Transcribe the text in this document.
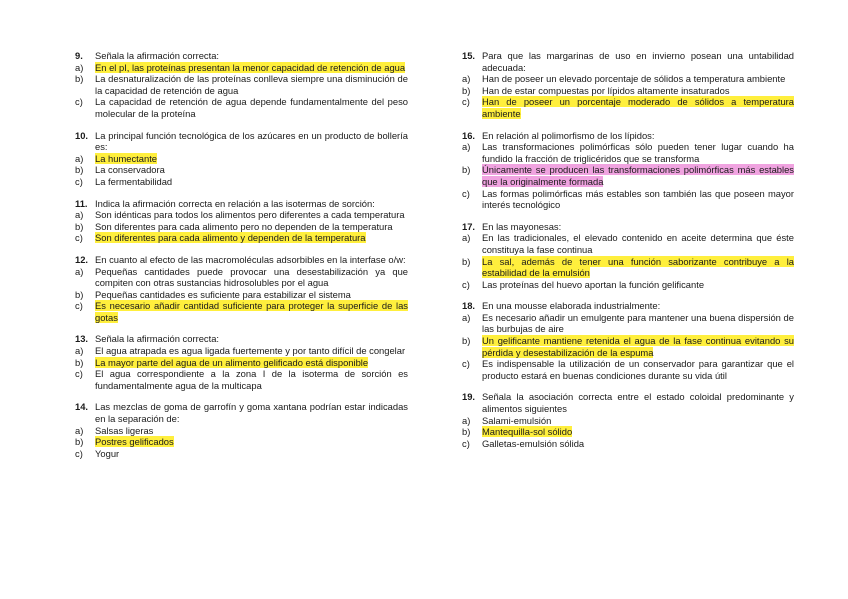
9.	Señala la afirmación correcta:
a)	En el pI, las proteínas presentan la menor capacidad de retención de agua
b)	La desnaturalización de las proteínas conlleva siempre una disminución de la capacidad de retención de agua
c)	La capacidad de retención de agua depende fundamentalmente del peso molecular de la proteína
10. La principal función tecnológica de los azúcares en un producto de bollería es:
a)	La humectante
b)	La conservadora
c)	La fermentabilidad
11. Indica la afirmación correcta en relación a las isotermas de sorción:
a)	Son idénticas para todos los alimentos pero diferentes a cada temperatura
b)	Son diferentes para cada alimento pero no dependen de la temperatura
c)	Son diferentes para cada alimento y dependen de la temperatura
12. En cuanto al efecto de las macromoléculas adsorbibles en la interfase o/w:
a)	Pequeñas cantidades puede provocar una desestabilización ya que compiten con otras sustancias hidrosolubles por el agua
b)	Pequeñas cantidades es suficiente para estabilizar el sistema
c)	Es necesario añadir cantidad suficiente para proteger la superficie de las gotas
13. Señala la afirmación correcta:
a)	El agua atrapada es agua ligada fuertemente y por tanto difícil de congelar
b)	La mayor parte del agua de un alimento gelificado está disponible
c)	El agua correspondiente a la zona I de la isoterma de sorción es fundamentalmente agua de la multicapa
14. Las mezclas de goma de garrofín y goma xantana podrían estar indicadas en la separación de:
a)	Salsas ligeras
b)	Postres gelificados
c)	Yogur
15. Para que las margarinas de uso en invierno posean una untabilidad adecuada:
a)	Han de poseer un elevado porcentaje de sólidos a temperatura ambiente
b)	Han de estar compuestas por lípidos altamente insaturados
c)	Han de poseer un porcentaje moderado de sólidos a temperatura ambiente
16. En relación al polimorfismo de los lípidos:
a)	Las transformaciones polimórficas sólo pueden tener lugar cuando ha fundido la fracción de triglicéridos que se transforma
b)	Únicamente se producen las transformaciones polimórficas más estables que la originalmente formada
c)	Las formas polimórficas más estables son también las que poseen mayor interés tecnológico
17. En las mayonesas:
a)	En las tradicionales, el elevado contenido en aceite determina que éste constituya la fase continua
b)	La sal, además de tener una función saborizante contribuye a la estabilidad de la emulsión
c)	Las proteínas del huevo aportan la función gelificante
18. En una mousse elaborada industrialmente:
a)	Es necesario añadir un emulgente para mantener una buena dispersión de las burbujas de aire
b)	Un gelificante mantiene retenida el agua de la fase continua evitando su pérdida y desestabilización de la espuma
c)	Es indispensable la utilización de un conservador para garantizar que el producto estará en buenas condiciones durante su vida útil
19. Señala la asociación correcta entre el estado coloidal predominante y alimentos siguientes
a)	Salami-emulsión
b)	Mantequilla-sol sólido
c)	Galletas-emulsión sólida
